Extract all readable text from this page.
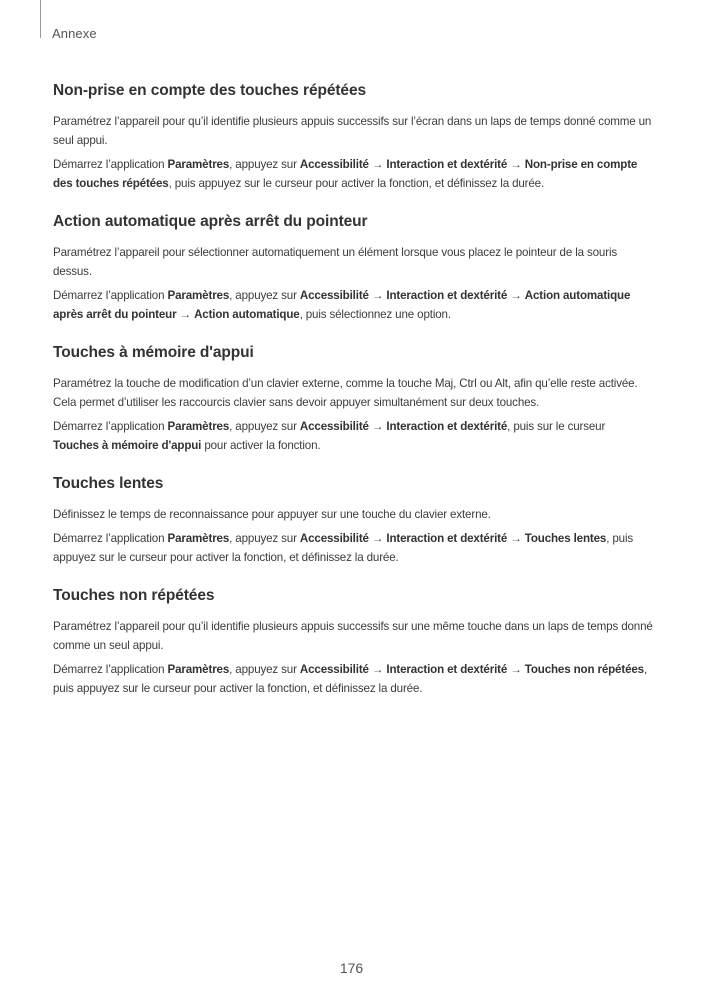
Annexe
Non-prise en compte des touches répétées

Paramétrez l’appareil pour qu’il identifie plusieurs appuis successifs sur l’écran dans un laps de temps donné comme un seul appui.

Démarrez l’application Paramètres, appuyez sur Accessibilité → Interaction et dextérité → Non-prise en compte des touches répétées, puis appuyez sur le curseur pour activer la fonction, et définissez la durée.

Action automatique après arrêt du pointeur

Paramétrez l’appareil pour sélectionner automatiquement un élément lorsque vous placez le pointeur de la souris dessus.

Démarrez l’application Paramètres, appuyez sur Accessibilité → Interaction et dextérité → Action automatique après arrêt du pointeur → Action automatique, puis sélectionnez une option.

Touches à mémoire d'appui

Paramétrez la touche de modification d’un clavier externe, comme la touche Maj, Ctrl ou Alt, afin qu’elle reste activée. Cela permet d’utiliser les raccourcis clavier sans devoir appuyer simultanément sur deux touches.

Démarrez l’application Paramètres, appuyez sur Accessibilité → Interaction et dextérité, puis sur le curseur Touches à mémoire d'appui pour activer la fonction.

Touches lentes

Définissez le temps de reconnaissance pour appuyer sur une touche du clavier externe.

Démarrez l’application Paramètres, appuyez sur Accessibilité → Interaction et dextérité → Touches lentes, puis appuyez sur le curseur pour activer la fonction, et définissez la durée.

Touches non répétées

Paramétrez l’appareil pour qu’il identifie plusieurs appuis successifs sur une même touche dans un laps de temps donné comme un seul appui.

Démarrez l’application Paramètres, appuyez sur Accessibilité → Interaction et dextérité → Touches non répétées, puis appuyez sur le curseur pour activer la fonction, et définissez la durée.

176
